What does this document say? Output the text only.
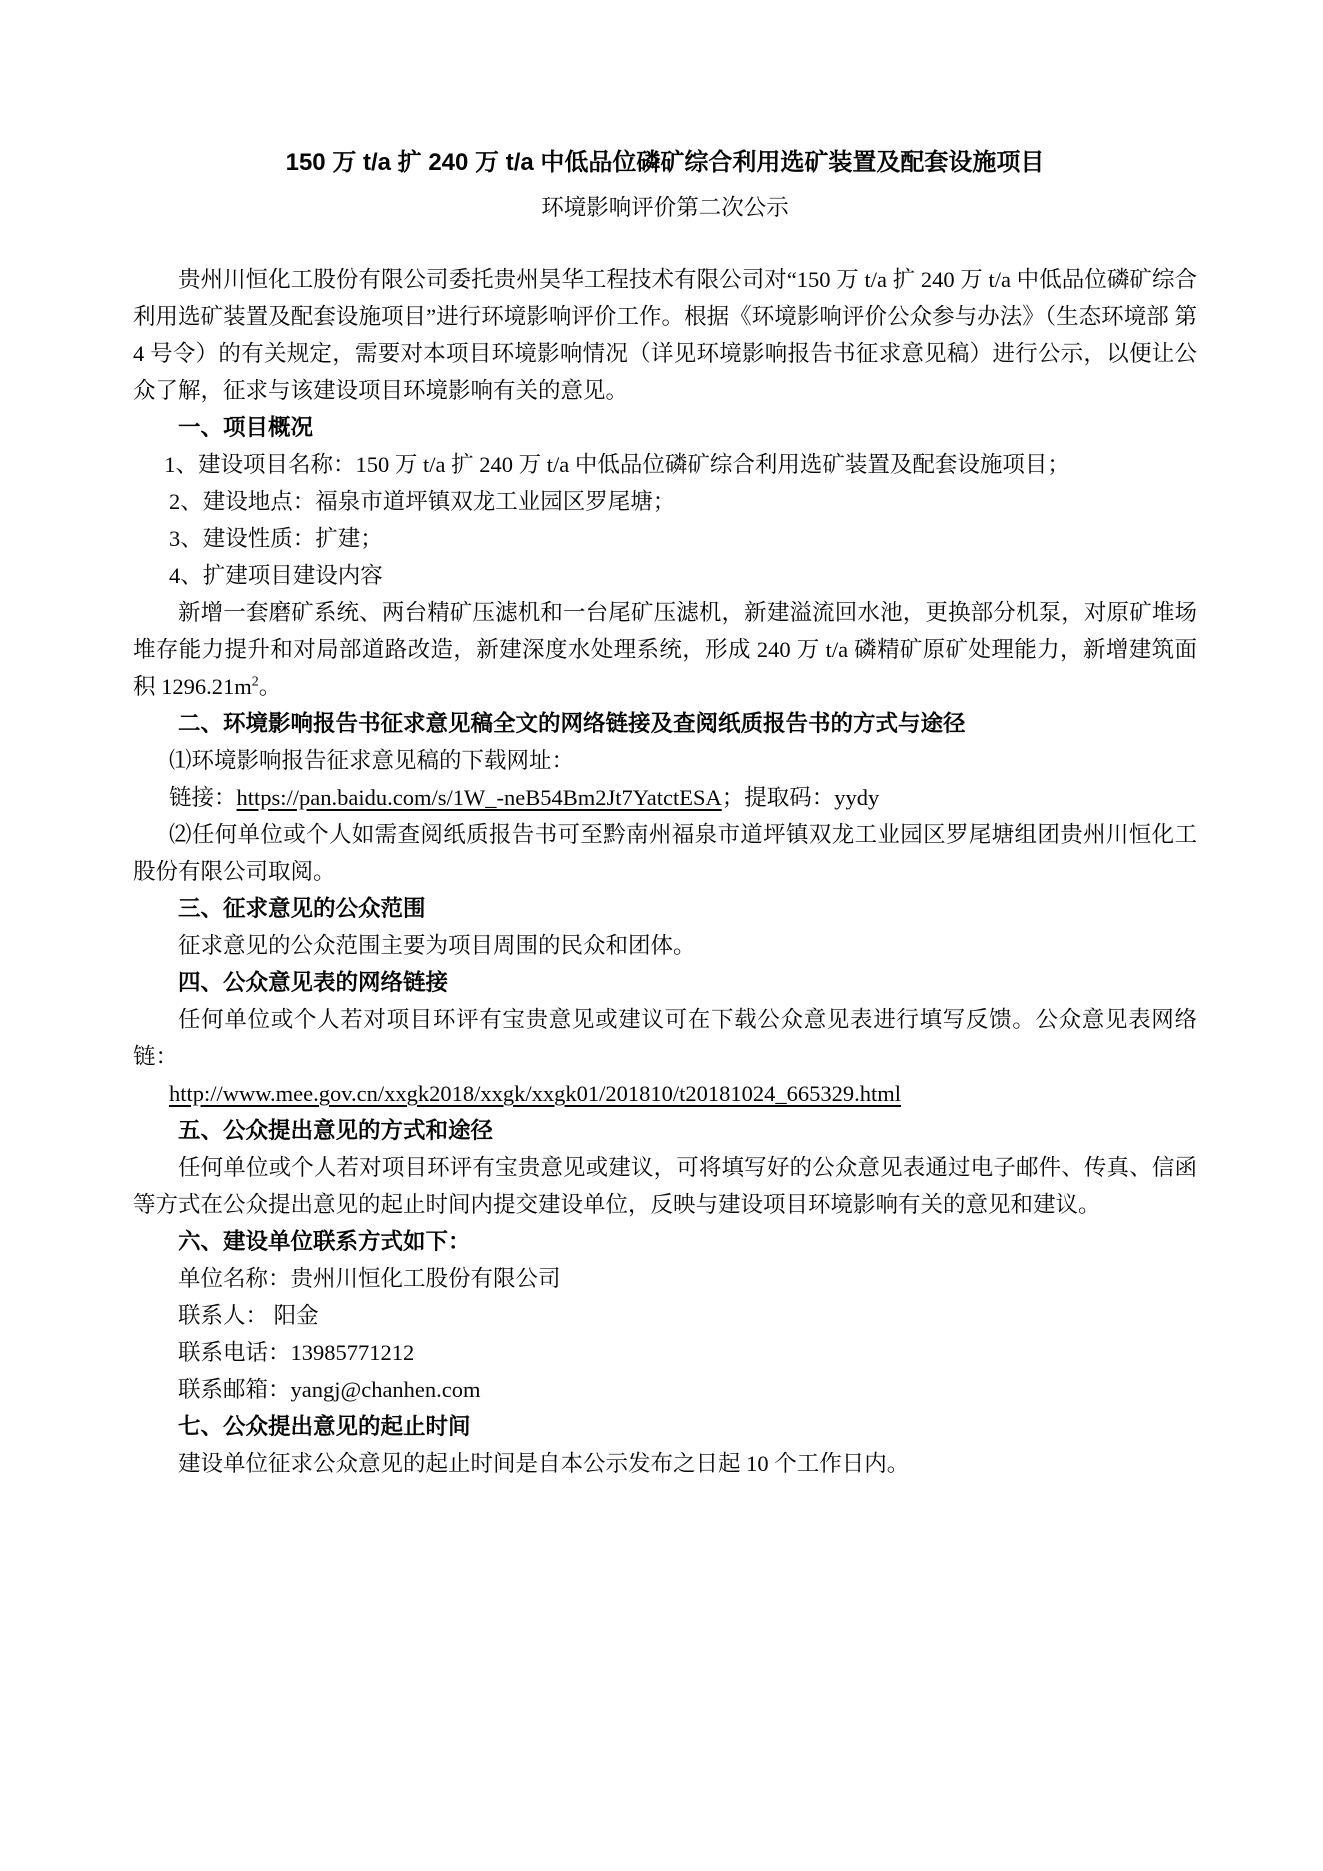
150 万 t/a 扩 240 万 t/a 中低品位磷矿综合利用选矿装置及配套设施项目
环境影响评价第二次公示

贵州川恒化工股份有限公司委托贵州昊华工程技术有限公司对“150 万 t/a 扩 240 万 t/a 中低品位磷矿综合利用选矿装置及配套设施项目”进行环境影响评价工作。根据《环境影响评价公众参与办法》（生态环境部 第 4 号令）的有关规定，需要对本项目环境影响情况（详见环境影响报告书征求意见稿）进行公示，以便让公众了解，征求与该建设项目环境影响有关的意见。

一、项目概况

1、建设项目名称：150 万 t/a 扩 240 万 t/a 中低品位磷矿综合利用选矿装置及配套设施项目；

2、建设地点：福泉市道坪镇双龙工业园区罗尾塘；

3、建设性质：扩建；

4、扩建项目建设内容

新增一套磨矿系统、两台精矿压滤机和一台尾矿压滤机，新建溢流回水池，更换部分机泵，对原矿堆场堆存能力提升和对局部道路改造，新建深度水处理系统，形成 240 万 t/a 磷精矿原矿处理能力，新增建筑面积 $1296.21m^2$。

二、环境影响报告书征求意见稿全文的网络链接及查阅纸质报告书的方式与途径

⑴环境影响报告征求意见稿的下载网址：

链接：https://pan.baidu.com/s/1W_-neB54Bm2Jt7YatctESA；提取码：yydy

⑵任何单位或个人如需查阅纸质报告书可至黔南州福泉市道坪镇双龙工业园区罗尾塘组团贵州川恒化工股份有限公司取阅。

三、征求意见的公众范围

征求意见的公众范围主要为项目周围的民众和团体。

四、公众意见表的网络链接

任何单位或个人若对项目环评有宝贵意见或建议可在下载公众意见表进行填写反馈。公众意见表网络链：

http://www.mee.gov.cn/xxgk2018/xxgk/xxgk01/201810/t20181024_665329.html

五、公众提出意见的方式和途径

任何单位或个人若对项目环评有宝贵意见或建议，可将填写好的公众意见表通过电子邮件、传真、信函等方式在公众提出意见的起止时间内提交建设单位，反映与建设项目环境影响有关的意见和建议。

六、建设单位联系方式如下：

单位名称：贵州川恒化工股份有限公司

联系人： 阳金

联系电话：13985771212

联系邮箱：yangj@chanhen.com

七、公众提出意见的起止时间

建设单位征求公众意见的起止时间是自本公示发布之日起 10 个工作日内。
